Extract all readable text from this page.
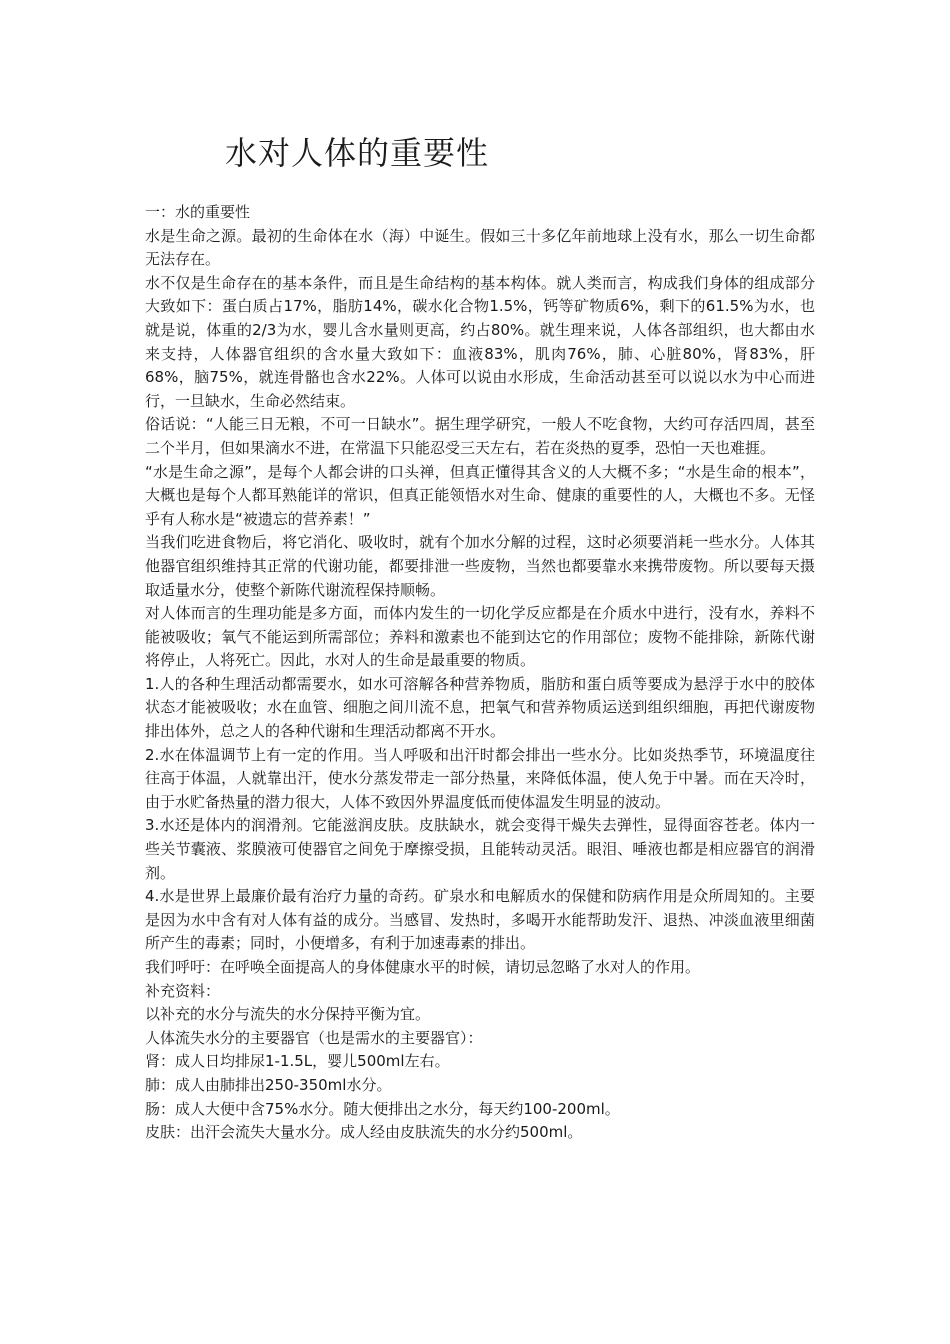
水对人体的重要性

一：水的重要性

水是生命之源。最初的生命体在水（海）中诞生。假如三十多亿年前地球上没有水，那么一切生命都无法存在。

水不仅是生命存在的基本条件，而且是生命结构的基本构体。就人类而言，构成我们身体的组成部分大致如下：蛋白质占17%，脂肪14%，碳水化合物1.5%，钙等矿物质6%，剩下的61.5%为水，也就是说，体重的2/3为水，婴儿含水量则更高，约占80%。就生理来说，人体各部组织，也大都由水来支持，人体器官组织的含水量大致如下：血液83%，肌肉76%，肺、心脏80%，肾83%，肝68%，脑75%，就连骨骼也含水22%。人体可以说由水形成，生命活动甚至可以说以水为中心而进行，一旦缺水，生命必然结束。

俗话说：“人能三日无粮，不可一日缺水”。据生理学研究，一般人不吃食物，大约可存活四周，甚至二个半月，但如果滴水不进，在常温下只能忍受三天左右，若在炎热的夏季，恐怕一天也难捱。

“水是生命之源”，是每个人都会讲的口头禅，但真正懂得其含义的人大概不多；“水是生命的根本”，大概也是每个人都耳熟能详的常识，但真正能领悟水对生命、健康的重要性的人，大概也不多。无怪乎有人称水是“被遗忘的营养素！”

当我们吃进食物后，将它消化、吸收时，就有个加水分解的过程，这时必须要消耗一些水分。人体其他器官组织维持其正常的代谢功能，都要排泄一些废物，当然也都要靠水来携带废物。所以要每天摄取适量水分，使整个新陈代谢流程保持顺畅。

对人体而言的生理功能是多方面，而体内发生的一切化学反应都是在介质水中进行，没有水，养料不能被吸收；氧气不能运到所需部位；养料和激素也不能到达它的作用部位；废物不能排除，新陈代谢将停止，人将死亡。因此，水对人的生命是最重要的物质。

1.人的各种生理活动都需要水，如水可溶解各种营养物质，脂肪和蛋白质等要成为悬浮于水中的胶体状态才能被吸收；水在血管、细胞之间川流不息，把氧气和营养物质运送到组织细胞，再把代谢废物排出体外，总之人的各种代谢和生理活动都离不开水。

2.水在体温调节上有一定的作用。当人呼吸和出汗时都会排出一些水分。比如炎热季节，环境温度往往高于体温，人就靠出汗，使水分蒸发带走一部分热量，来降低体温，使人免于中暑。而在天冷时，由于水贮备热量的潜力很大，人体不致因外界温度低而使体温发生明显的波动。

3.水还是体内的润滑剂。它能滋润皮肤。皮肤缺水，就会变得干燥失去弹性，显得面容苍老。体内一些关节囊液、浆膜液可使器官之间免于摩擦受损，且能转动灵活。眼泪、唾液也都是相应器官的润滑剂。

4.水是世界上最廉价最有治疗力量的奇药。矿泉水和电解质水的保健和防病作用是众所周知的。主要是因为水中含有对人体有益的成分。当感冒、发热时，多喝开水能帮助发汗、退热、冲淡血液里细菌所产生的毒素；同时，小便增多，有利于加速毒素的排出。

我们呼吁：在呼唤全面提高人的身体健康水平的时候，请切忌忽略了水对人的作用。

补充资料：

以补充的水分与流失的水分保持平衡为宜。

人体流失水分的主要器官（也是需水的主要器官）：

肾：成人日均排尿1-1.5L，婴儿500ml左右。

肺：成人由肺排出250-350ml水分。

肠：成人大便中含75%水分。随大便排出之水分，每天约100-200ml。

皮肤：出汗会流失大量水分。成人经由皮肤流失的水分约500ml。
